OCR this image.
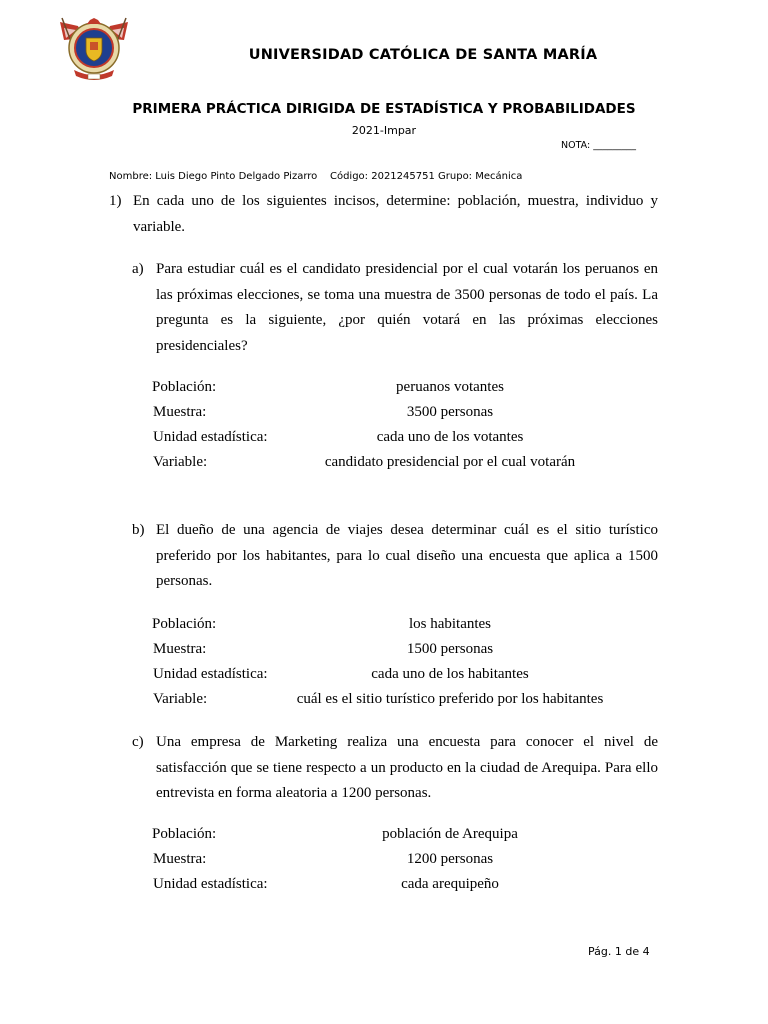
UNIVERSIDAD CATÓLICA DE SANTA MARÍA
PRIMERA PRÁCTICA DIRIGIDA DE ESTADÍSTICA Y PROBABILIDADES
2021-Impar
NOTA: _________
Nombre: Luis Diego Pinto Delgado Pizarro    Código: 2021245751 Grupo: Mecánica
1) En cada uno de los siguientes incisos, determine: población, muestra, individuo y variable.
a) Para estudiar cuál es el candidato presidencial por el cual votarán los peruanos en las próximas elecciones, se toma una muestra de 3500 personas de todo el país. La pregunta es la siguiente, ¿por quién votará en las próximas elecciones presidenciales?
Población:	peruanos votantes
Muestra:	3500 personas
Unidad estadística:	cada uno de los votantes
Variable:	candidato presidencial por el cual votarán
b) El dueño de una agencia de viajes desea determinar cuál es el sitio turístico preferido por los habitantes, para lo cual diseño una encuesta que aplica a 1500 personas.
Población:	los habitantes
Muestra:	1500 personas
Unidad estadística:	cada uno de los habitantes
Variable:	cuál es el sitio turístico preferido por los habitantes
c) Una empresa de Marketing realiza una encuesta para conocer el nivel de satisfacción que se tiene respecto a un producto en la ciudad de Arequipa. Para ello entrevista en forma aleatoria a 1200 personas.
Población:	población de Arequipa
Muestra:	1200 personas
Unidad estadística:	cada arequipeño
Pág. 1 de 4
